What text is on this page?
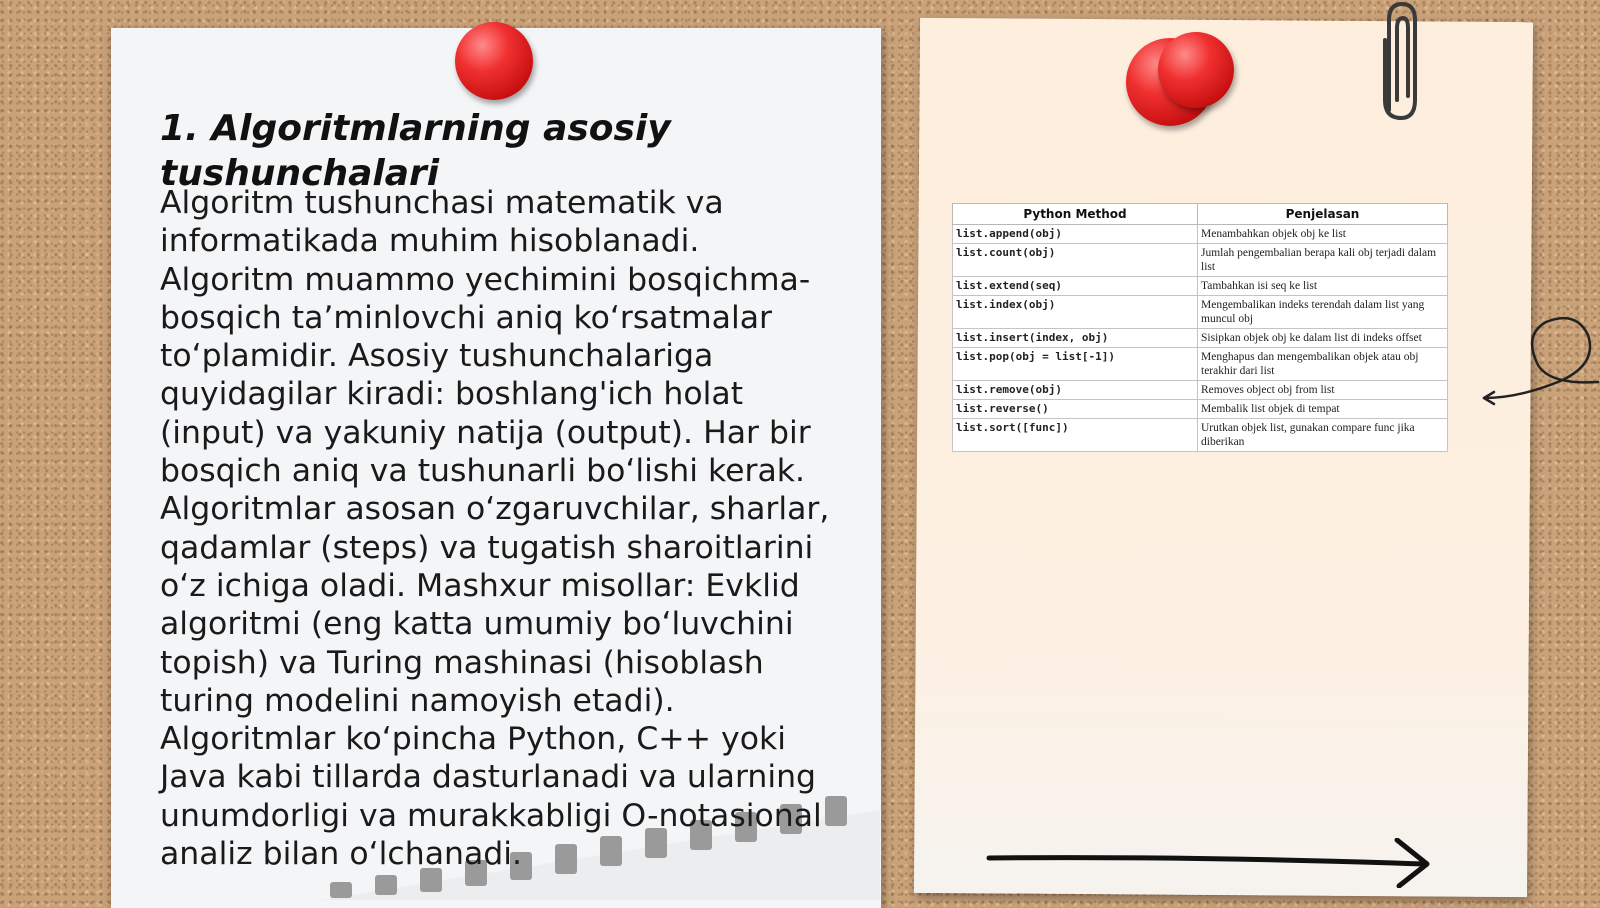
1. Algoritmlarning asosiy tushunchalari

Algoritm tushunchasi matematik va informatikada muhim hisoblanadi. Algoritm muammo yechimini bosqichma-bosqich ta’minlovchi aniq ko‘rsatmalar to‘plamidir. Asosiy tushunchalariga quyidagilar kiradi: boshlang'ich holat (input) va yakuniy natija (output). Har bir bosqich aniq va tushunarli bo‘lishi kerak. Algoritmlar asosan o‘zgaruvchilar, sharlar, qadamlar (steps) va tugatish sharoitlarini o‘z ichiga oladi. Mashxur misollar: Evklid algoritmi (eng katta umumiy bo‘luvchini topish) va Turing mashinasi (hisoblash turing modelini namoyish etadi). Algoritmlar ko‘pincha Python, C++ yoki Java kabi tillarda dasturlanadi va ularning unumdorligi va murakkabligi O-notasional analiz bilan o‘lchanadi.

Python Method	Penjelasan
list.append(obj)	Menambahkan objek obj ke list
list.count(obj)	Jumlah pengembalian berapa kali obj terjadi dalam list
list.extend(seq)	Tambahkan isi seq ke list
list.index(obj)	Mengembalikan indeks terendah dalam list yang muncul obj
list.insert(index, obj)	Sisipkan objek obj ke dalam list di indeks offset
list.pop(obj = list[-1])	Menghapus dan mengembalikan objek atau obj terakhir dari list
list.remove(obj)	Removes object obj from list
list.reverse()	Membalik list objek di tempat
list.sort([func])	Urutkan objek list, gunakan compare func jika diberikan
